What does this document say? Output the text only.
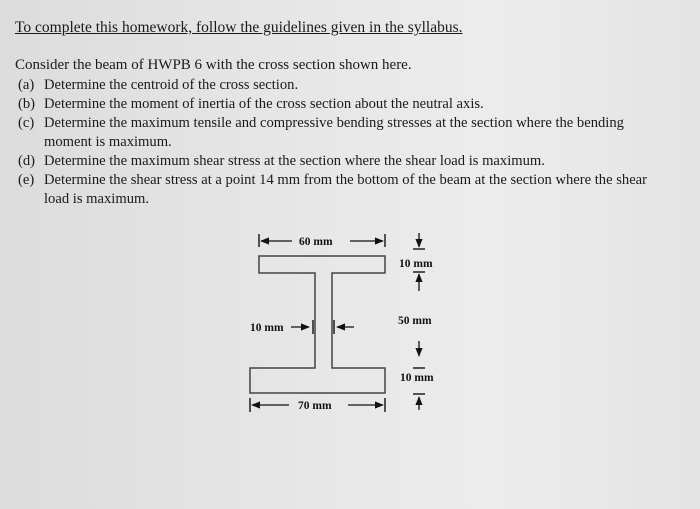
To complete this homework, follow the guidelines given in the syllabus.
Consider the beam of HWPB 6 with the cross section shown here.
(a) Determine the centroid of the cross section.
(b) Determine the moment of inertia of the cross section about the neutral axis.
(c) Determine the maximum tensile and compressive bending stresses at the section where the bending moment is maximum.
(d) Determine the maximum shear stress at the section where the shear load is maximum.
(e) Determine the shear stress at a point 14 mm from the bottom of the beam at the section where the shear load is maximum.
60 mm
10 mm
50 mm
10 mm
10 mm
70 mm
